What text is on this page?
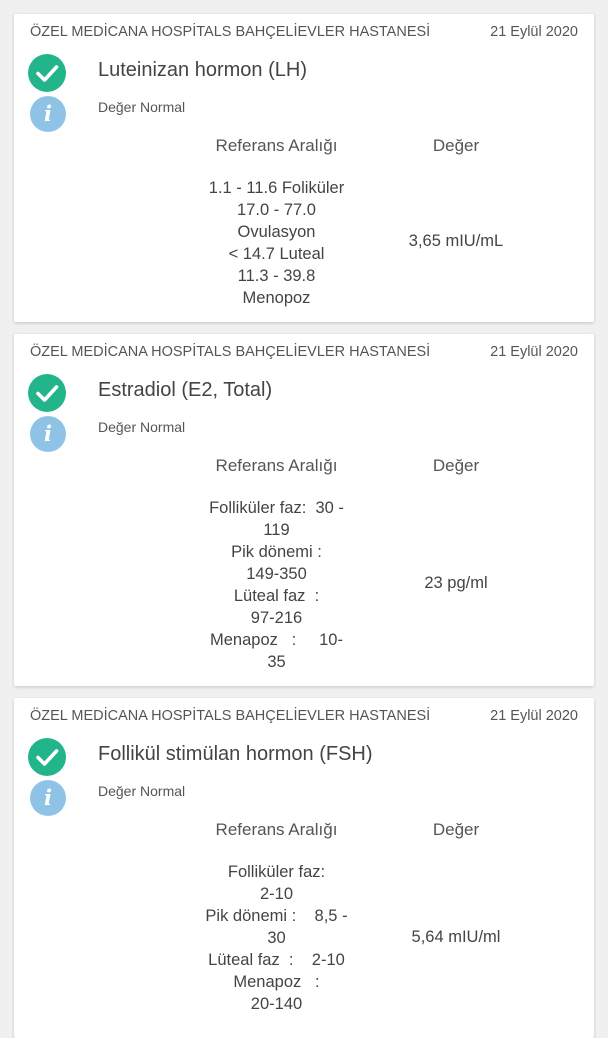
ÖZEL MEDİCANA HOSPİTALS BAHÇELİEVLER HASTANESİ	21 Eylül 2020
Luteinizan hormon (LH)
i	Değer Normal
Referans Aralığı	Değer
1.1 - 11.6 Foliküler
17.0 - 77.0
Ovulasyon
< 14.7 Luteal
11.3 - 39.8
Menopoz
3,65 mIU/mL
ÖZEL MEDİCANA HOSPİTALS BAHÇELİEVLER HASTANESİ	21 Eylül 2020
Estradiol (E2, Total)
i	Değer Normal
Referans Aralığı	Değer
Folliküler faz:  30 -
119
Pik dönemi :
149-350
Lüteal faz  :
97-216
Menapoz   :     10-
35
23 pg/ml
ÖZEL MEDİCANA HOSPİTALS BAHÇELİEVLER HASTANESİ	21 Eylül 2020
Follikül stimülan hormon (FSH)
i	Değer Normal
Referans Aralığı	Değer
Folliküler faz:
2-10
Pik dönemi :    8,5 -
30
Lüteal faz  :    2-10
Menapoz   :
20-140
5,64 mIU/ml
